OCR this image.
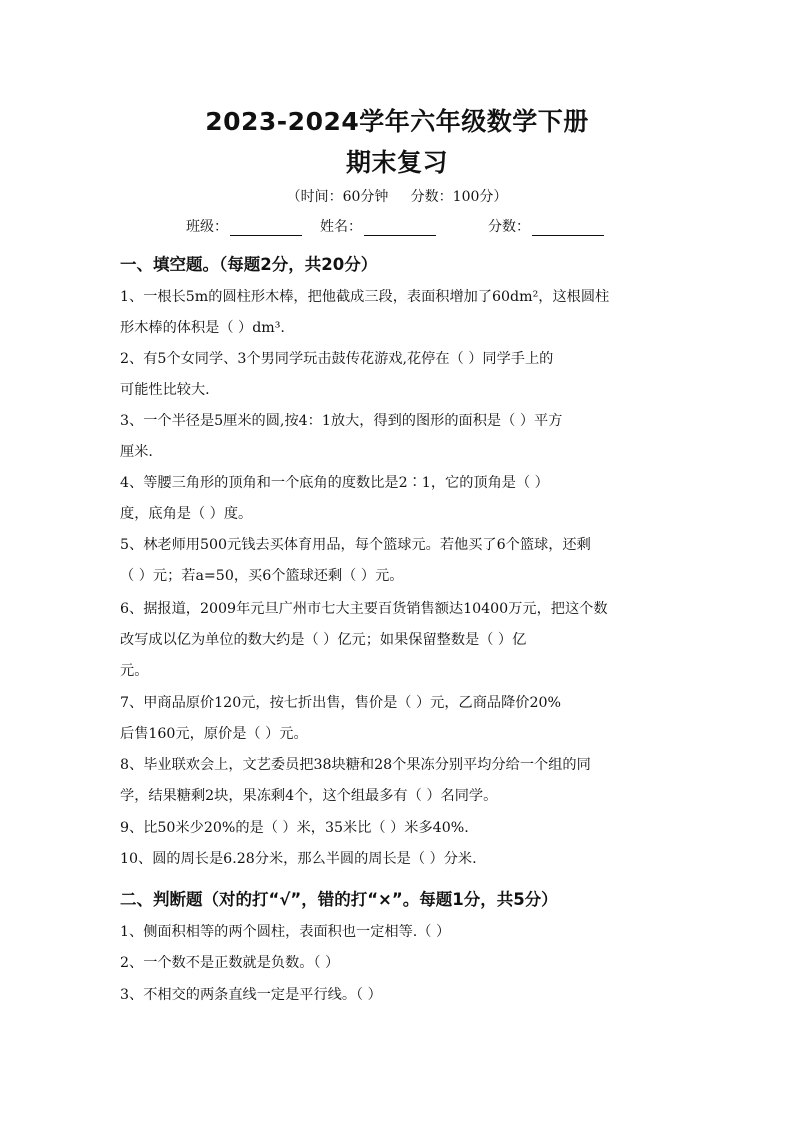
2023-2024学年六年级数学下册
期末复习
（时间：60分钟     分数：100分）
班级：	姓名：	分数：
一、填空题。（每题2分，共20分）
1、一根长5m的圆柱形木棒，把他截成三段，表面积增加了60dm²，这根圆柱
形木棒的体积是（ ）dm³.
2、有5个女同学、3个男同学玩击鼓传花游戏,花停在（ ）同学手上的
可能性比较大.
3、一个半径是5厘米的圆,按4：1放大，得到的图形的面积是（ ）平方
厘米.
4、等腰三角形的顶角和一个底角的度数比是2∶1，它的顶角是（ ）
度，底角是（ ）度。
5、林老师用500元钱去买体育用品，每个篮球元。若他买了6个篮球，还剩
（ ）元；若a=50，买6个篮球还剩（ ）元。
6、据报道，2009年元旦广州市七大主要百货销售额达10400万元，把这个数
改写成以亿为单位的数大约是（ ）亿元；如果保留整数是（ ）亿
元。
7、甲商品原价120元，按七折出售，售价是（ ）元，乙商品降价20%
后售160元，原价是（ ）元。
8、毕业联欢会上，文艺委员把38块糖和28个果冻分别平均分给一个组的同
学，结果糖剩2块，果冻剩4个，这个组最多有（ ）名同学。
9、比50米少20%的是（ ）米，35米比（ ）米多40%.
10、圆的周长是6.28分米，那么半圆的周长是（ ）分米.
二、判断题（对的打“√”，错的打“×”。每题1分，共5分）
1、侧面积相等的两个圆柱，表面积也一定相等.（ ）
2、一个数不是正数就是负数。（ ）
3、不相交的两条直线一定是平行线。（ ）
